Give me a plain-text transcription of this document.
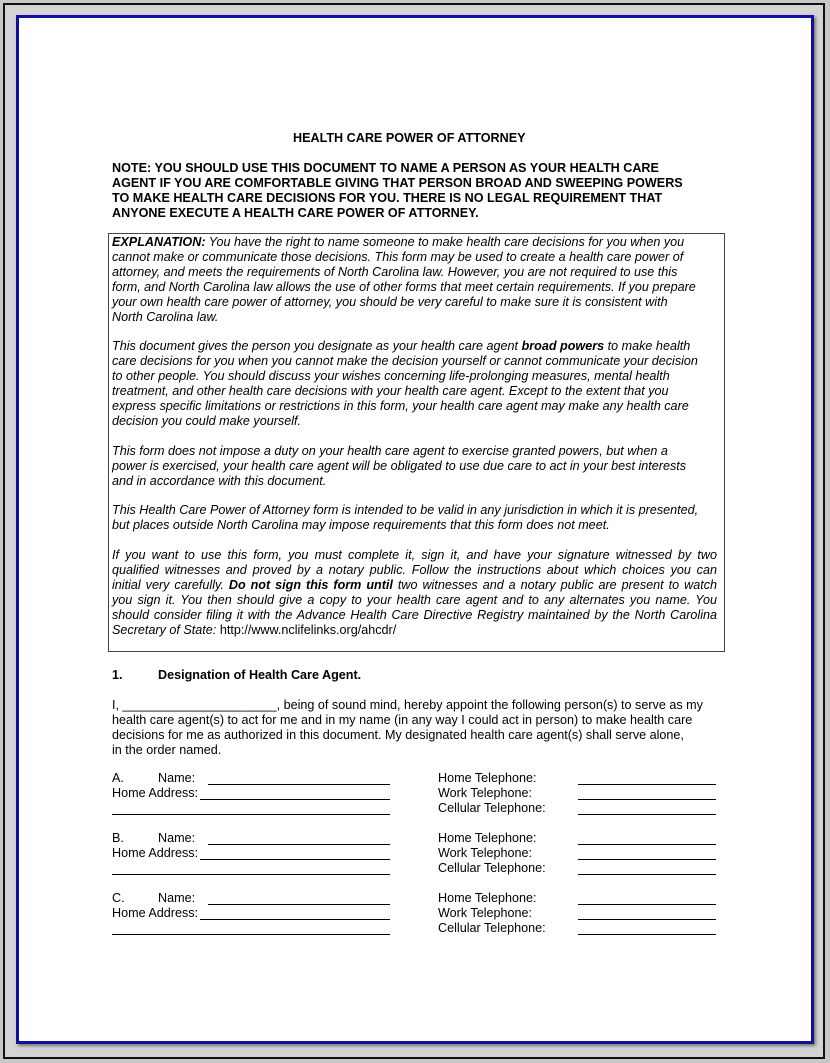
HEALTH CARE POWER OF ATTORNEY
NOTE: YOU SHOULD USE THIS DOCUMENT TO NAME A PERSON AS YOUR HEALTH CARE
AGENT IF YOU ARE COMFORTABLE GIVING THAT PERSON BROAD AND SWEEPING POWERS
TO MAKE HEALTH CARE DECISIONS FOR YOU. THERE IS NO LEGAL REQUIREMENT THAT
ANYONE EXECUTE A HEALTH CARE POWER OF ATTORNEY.
EXPLANATION: You have the right to name someone to make health care decisions for you when you
cannot make or communicate those decisions. This form may be used to create a health care power of
attorney, and meets the requirements of North Carolina law. However, you are not required to use this
form, and North Carolina law allows the use of other forms that meet certain requirements. If you prepare
your own health care power of attorney, you should be very careful to make sure it is consistent with
North Carolina law.
This document gives the person you designate as your health care agent broad powers to make health
care decisions for you when you cannot make the decision yourself or cannot communicate your decision
to other people. You should discuss your wishes concerning life-prolonging measures, mental health
treatment, and other health care decisions with your health care agent. Except to the extent that you
express specific limitations or restrictions in this form, your health care agent may make any health care
decision you could make yourself.
This form does not impose a duty on your health care agent to exercise granted powers, but when a
power is exercised, your health care agent will be obligated to use due care to act in your best interests
and in accordance with this document.
This Health Care Power of Attorney form is intended to be valid in any jurisdiction in which it is presented,
but places outside North Carolina may impose requirements that this form does not meet.
If you want to use this form, you must complete it, sign it, and have your signature witnessed by two
qualified witnesses and proved by a notary public. Follow the instructions about which choices you can
initial very carefully. Do not sign this form until two witnesses and a notary public are present to watch
you sign it. You then should give a copy to your health care agent and to any alternates you name. You
should consider filing it with the Advance Health Care Directive Registry maintained by the North Carolina
Secretary of State: http://www.nclifelinks.org/ahcdr/
1.	Designation of Health Care Agent.
I, ______________________, being of sound mind, hereby appoint the following person(s) to serve as my
health care agent(s) to act for me and in my name (in any way I could act in person) to make health care
decisions for me as authorized in this document. My designated health care agent(s) shall serve alone,
in the order named.
A.	Name:
Home Address:
Home Telephone:
Work Telephone:
Cellular Telephone:
B.	Name:
Home Address:
Home Telephone:
Work Telephone:
Cellular Telephone:
C.	Name:
Home Address:
Home Telephone:
Work Telephone:
Cellular Telephone:
